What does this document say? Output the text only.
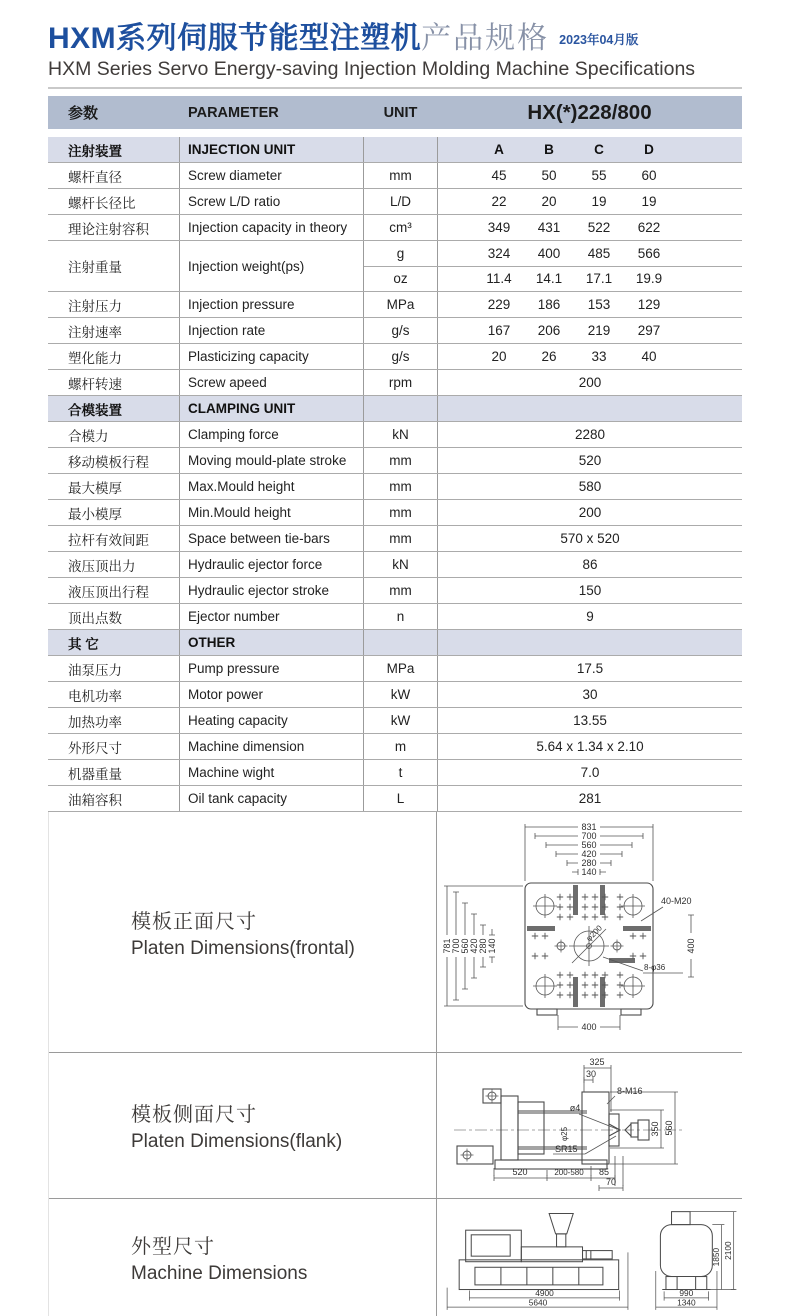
HXM系列伺服节能型注塑机产品规格 $^{2023年04月版}$
HXM Series Servo Energy-saving Injection Molding Machine Specifications
参数	PARAMETER	UNIT	HX(*)228/800
注射装置	INJECTION UNIT	A	B	C	D
螺杆直径	Screw diameter	mm	45	50	55	60
螺杆长径比	Screw L/D ratio	L/D	22	20	19	19
理论注射容积	Injection capacity in theory	cm³	349	431	522	622
注射重量	Injection weight(ps)
g	324	400	485	566
oz	11.4	14.1	17.1	19.9
注射压力	Injection pressure	MPa	229	186	153	129
注射速率	Injection rate	g/s	167	206	219	297
塑化能力	Plasticizing capacity	g/s	20	26	33	40
螺杆转速	Screw apeed	rpm	200
合模装置	CLAMPING UNIT
合模力	Clamping force	kN	2280
移动模板行程	Moving mould-plate stroke	mm	520
最大模厚	Max.Mould height	mm	580
最小模厚	Min.Mould height	mm	200
拉杆有效间距	Space between tie-bars	mm	570 x 520
液压顶出力	Hydraulic ejector force	kN	86
液压顶出行程	Hydraulic ejector stroke	mm	150
顶出点数	Ejector number	n	9
其 它	OTHER
油泵压力	Pump pressure	MPa	17.5
电机功率	Motor power	kW	30
加热功率	Heating capacity	kW	13.55
外形尺寸	Machine dimension	m	5.64 x 1.34 x 2.10
机器重量	Machine wight	t	7.0
油箱容积	Oil tank capacity	L	281
模板正面尺寸
Platen Dimensions(frontal)
φ200
831
700
560
420
280
140
781 700 560 420 280 140
400
400
40-M20
8-φ36
模板侧面尺寸
Platen Dimensions(flank)
325
30
8-M16
ø4
φ25
SR15
350 560
520	200-580 85
70
外型尺寸
Machine Dimensions
4900
5640
990
1340
1850 2100
